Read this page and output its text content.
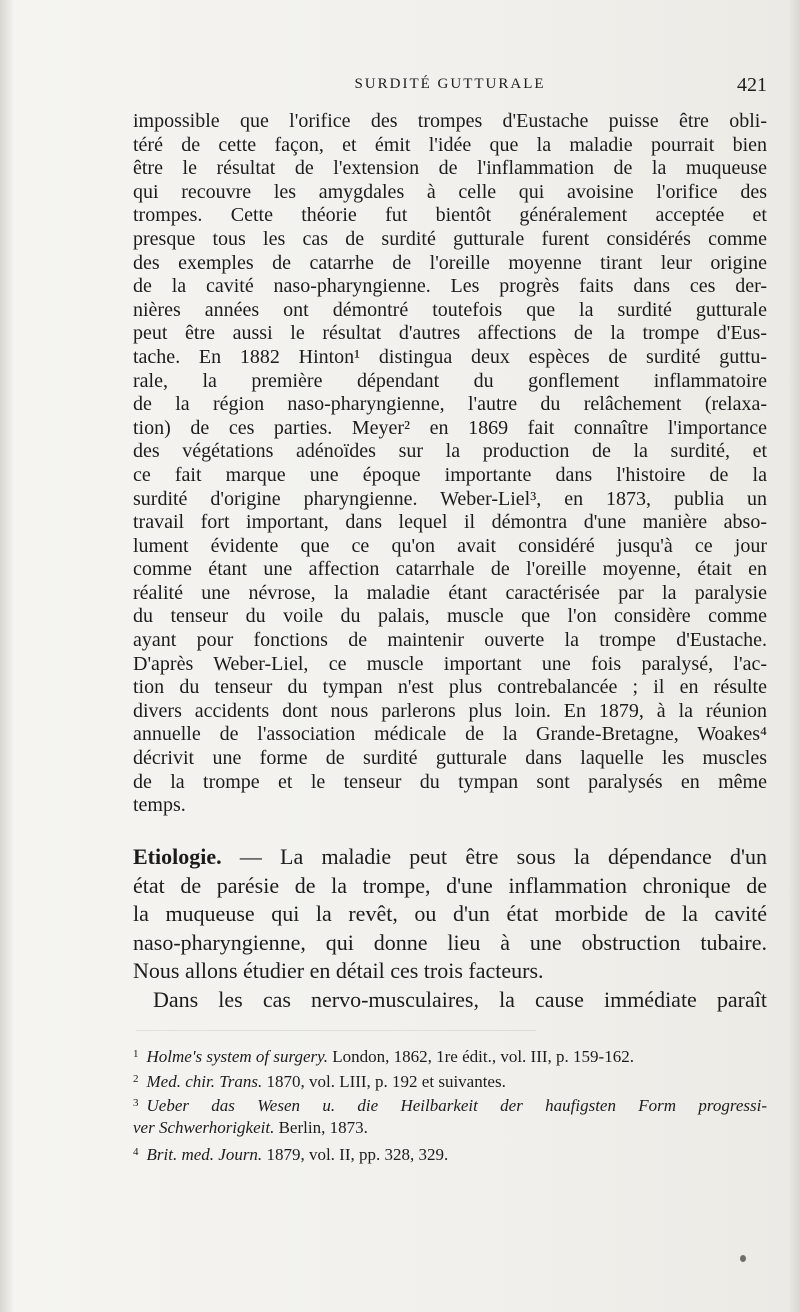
SURDITÉ GUTTURALE	421
impossible que l'orifice des trompes d'Eustache puisse être obli-
téré de cette façon, et émit l'idée que la maladie pourrait bien
être le résultat de l'extension de l'inflammation de la muqueuse
qui recouvre les amygdales à celle qui avoisine l'orifice des
trompes. Cette théorie fut bientôt généralement acceptée et
presque tous les cas de surdité gutturale furent considérés comme
des exemples de catarrhe de l'oreille moyenne tirant leur origine
de la cavité naso-pharyngienne. Les progrès faits dans ces der-
nières années ont démontré toutefois que la surdité gutturale
peut être aussi le résultat d'autres affections de la trompe d'Eus-
tache. En 1882 Hinton¹ distingua deux espèces de surdité guttu-
rale, la première dépendant du gonflement inflammatoire
de la région naso-pharyngienne, l'autre du relâchement (relaxa-
tion) de ces parties. Meyer² en 1869 fait connaître l'importance
des végétations adénoïdes sur la production de la surdité, et
ce fait marque une époque importante dans l'histoire de la
surdité d'origine pharyngienne. Weber-Liel³, en 1873, publia un
travail fort important, dans lequel il démontra d'une manière abso-
lument évidente que ce qu'on avait considéré jusqu'à ce jour
comme étant une affection catarrhale de l'oreille moyenne, était en
réalité une névrose, la maladie étant caractérisée par la paralysie
du tenseur du voile du palais, muscle que l'on considère comme
ayant pour fonctions de maintenir ouverte la trompe d'Eustache.
D'après Weber-Liel, ce muscle important une fois paralysé, l'ac-
tion du tenseur du tympan n'est plus contrebalancée ; il en résulte
divers accidents dont nous parlerons plus loin. En 1879, à la réunion
annuelle de l'association médicale de la Grande-Bretagne, Woakes⁴
décrivit une forme de surdité gutturale dans laquelle les muscles
de la trompe et le tenseur du tympan sont paralysés en même
temps.
Etiologie. — La maladie peut être sous la dépendance d'un
état de parésie de la trompe, d'une inflammation chronique de
la muqueuse qui la revêt, ou d'un état morbide de la cavité
naso-pharyngienne, qui donne lieu à une obstruction tubaire.
Nous allons étudier en détail ces trois facteurs.
Dans les cas nervo-musculaires, la cause immédiate paraît
$^1$ Holme's system of surgery. London, 1862, 1re édit., vol. III, p. 159-162.
$^2$ Med. chir. Trans. 1870, vol. LIII, p. 192 et suivantes.
$^3$ Ueber das Wesen u. die Heilbarkeit der haufigsten Form progressi-
ver Schwerhorigkeit. Berlin, 1873.
$^4$ Brit. med. Journ. 1879, vol. II, pp. 328, 329.
